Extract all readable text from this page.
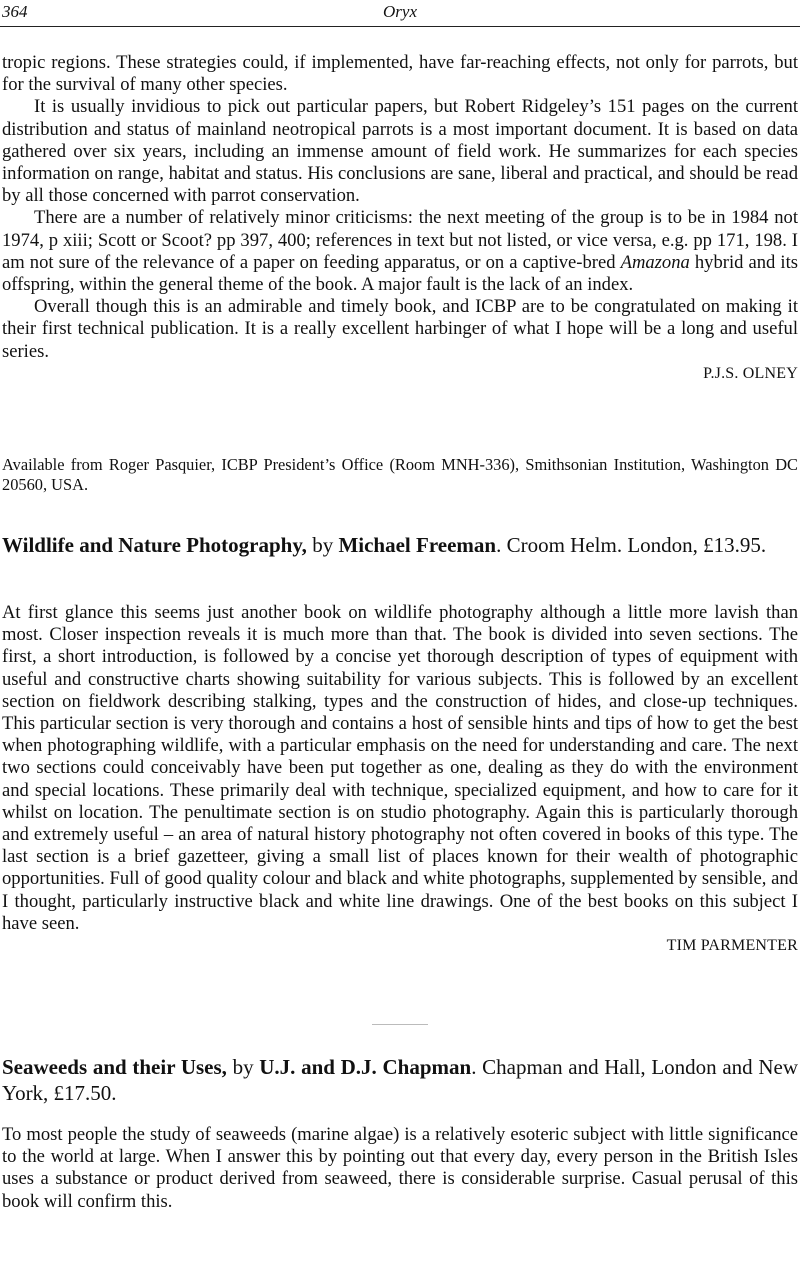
364	Oryx

tropic regions. These strategies could, if implemented, have far-reaching effects, not only for parrots, but for the survival of many other species.

It is usually invidious to pick out particular papers, but Robert Ridgeley’s 151 pages on the current distribution and status of mainland neotropical parrots is a most important document. It is based on data gathered over six years, including an immense amount of field work. He summarizes for each species information on range, habitat and status. His conclusions are sane, liberal and practical, and should be read by all those concerned with parrot conservation.

There are a number of relatively minor criticisms: the next meeting of the group is to be in 1984 not 1974, p xiii; Scott or Scoot? pp 397, 400; references in text but not listed, or vice versa, e.g. pp 171, 198. I am not sure of the relevance of a paper on feeding apparatus, or on a captive-bred Amazona hybrid and its offspring, within the general theme of the book. A major fault is the lack of an index.

Overall though this is an admirable and timely book, and ICBP are to be congratulated on making it their first technical publication. It is a really excellent harbinger of what I hope will be a long and useful series.

P.J.S. OLNEY

Available from Roger Pasquier, ICBP President’s Office (Room MNH-336), Smithsonian Institution, Washington DC 20560, USA.
Wildlife and Nature Photography, by Michael Freeman. Croom Helm. London, £13.95.

At first glance this seems just another book on wildlife photography although a little more lavish than most. Closer inspection reveals it is much more than that. The book is divided into seven sections. The first, a short introduction, is followed by a concise yet thorough description of types of equipment with useful and constructive charts showing suitability for various subjects. This is followed by an excellent section on fieldwork describing stalking, types and the construction of hides, and close-up techniques. This particular section is very thorough and contains a host of sensible hints and tips of how to get the best when photographing wildlife, with a particular emphasis on the need for understanding and care. The next two sections could conceivably have been put together as one, dealing as they do with the environment and special locations. These primarily deal with technique, specialized equipment, and how to care for it whilst on location. The penultimate section is on studio photography. Again this is particularly thorough and extremely useful – an area of natural history photography not often covered in books of this type. The last section is a brief gazetteer, giving a small list of places known for their wealth of photographic opportunities. Full of good quality colour and black and white photographs, supplemented by sensible, and I thought, particularly instructive black and white line drawings. One of the best books on this subject I have seen.

TIM PARMENTER

Seaweeds and their Uses, by U.J. and D.J. Chapman. Chapman and Hall, London and New York, £17.50.

To most people the study of seaweeds (marine algae) is a relatively esoteric subject with little significance to the world at large. When I answer this by pointing out that every day, every person in the British Isles uses a substance or product derived from seaweed, there is considerable surprise. Casual perusal of this book will confirm this.
